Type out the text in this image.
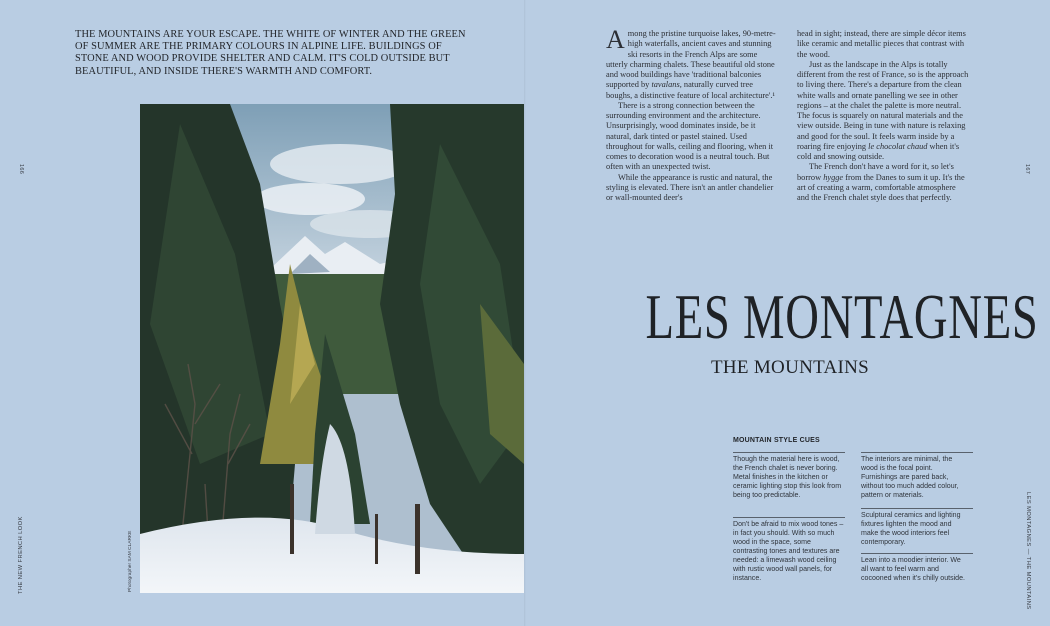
THE MOUNTAINS ARE YOUR ESCAPE. THE WHITE OF WINTER AND THE GREEN OF SUMMER ARE THE PRIMARY COLOURS IN ALPINE LIFE. BUILDINGS OF STONE AND WOOD PROVIDE SHELTER AND CALM. IT'S COLD OUTSIDE BUT BEAUTIFUL, AND INSIDE THERE'S WARMTH AND COMFORT.
166
THE NEW FRENCH LOOK	Photographer SAM CLARKE

Among the pristine turquoise lakes, 90-metre-high waterfalls, ancient caves and stunning ski resorts in the French Alps are some utterly charming chalets. These beautiful old stone and wood buildings have 'traditional balconies supported by tavalans, naturally curved tree boughs, a distinctive feature of local architecture'.¹

There is a strong connection between the surrounding environment and the architecture. Unsurprisingly, wood dominates inside, be it natural, dark tinted or pastel stained. Used throughout for walls, ceiling and flooring, when it comes to decoration wood is a neutral touch. But often with an unexpected twist.

While the appearance is rustic and natural, the styling is elevated. There isn't an antler chandelier or wall-mounted deer's

head in sight; instead, there are simple décor items like ceramic and metallic pieces that contrast with the wood.

Just as the landscape in the Alps is totally different from the rest of France, so is the approach to living there. There's a departure from the clean white walls and ornate panelling we see in other regions – at the chalet the palette is more neutral. The focus is squarely on natural materials and the view outside. Being in tune with nature is relaxing and good for the soul. It feels warm inside by a roaring fire enjoying le chocolat chaud when it's cold and snowing outside.

The French don't have a word for it, so let's borrow hygge from the Danes to sum it up. It's the art of creating a warm, comfortable atmosphere and the French chalet style does that perfectly.

LES MONTAGNES
THE MOUNTAINS
167
LES MONTAGNES — THE MOUNTAINS
MOUNTAIN STYLE CUES
Though the material here is wood, the French chalet is never boring. Metal finishes in the kitchen or ceramic lighting stop this look from being too predictable.
Don't be afraid to mix wood tones – in fact you should. With so much wood in the space, some contrasting tones and textures are needed: a limewash wood ceiling with rustic wood wall panels, for instance.
The interiors are minimal, the wood is the focal point. Furnishings are pared back, without too much added colour, pattern or materials.
Sculptural ceramics and lighting fixtures lighten the mood and make the wood interiors feel contemporary.
Lean into a moodier interior. We all want to feel warm and cocooned when it's chilly outside.
